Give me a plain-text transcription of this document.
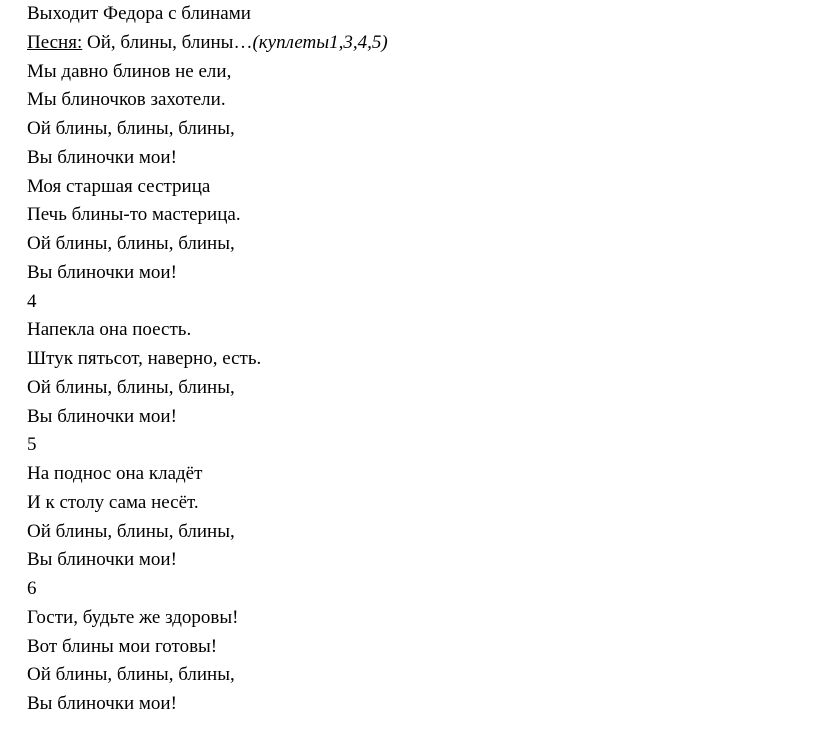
Выходит Федора с блинами
Песня: Ой, блины, блины…(куплеты1,3,4,5)
Мы давно блинов не ели,
Мы блиночков захотели.
Ой блины, блины, блины,
Вы блиночки мои!
Моя старшая сестрица
Печь блины-то мастерица.
Ой блины, блины, блины,
Вы блиночки мои!
4
Напекла она поесть.
Штук пятьсот, наверно, есть.
Ой блины, блины, блины,
Вы блиночки мои!
5
На поднос она кладёт
И к столу сама несёт.
Ой блины, блины, блины,
Вы блиночки мои!
6
Гости, будьте же здоровы!
Вот блины мои готовы!
Ой блины, блины, блины,
Вы блиночки мои!
